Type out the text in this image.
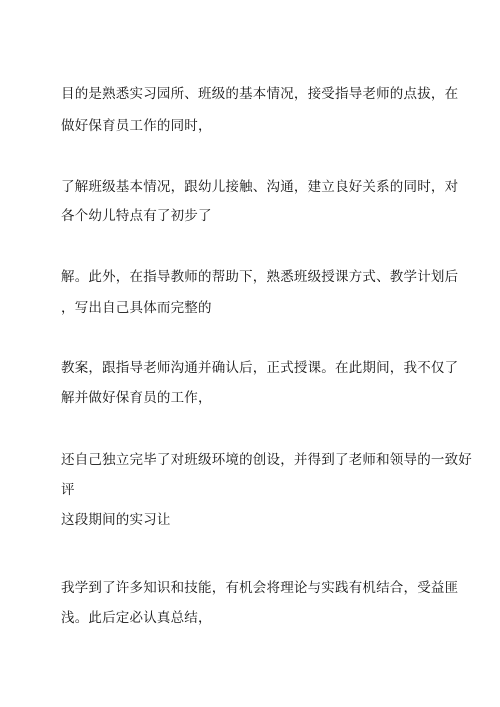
目的是熟悉实习园所、班级的基本情况，接受指导老师的点拔，在
做好保育员工作的同时，
了解班级基本情况，跟幼儿接触、沟通，建立良好关系的同时，对
各个幼儿特点有了初步了
解。此外，在指导教师的帮助下，熟悉班级授课方式、教学计划后
，写出自己具体而完整的
教案，跟指导老师沟通并确认后，正式授课。在此期间，我不仅了
解并做好保育员的工作，
还自己独立完毕了对班级环境的创设，并得到了老师和领导的一致好
评
这段期间的实习让
我学到了许多知识和技能，有机会将理论与实践有机结合，受益匪
浅。此后定必认真总结，
